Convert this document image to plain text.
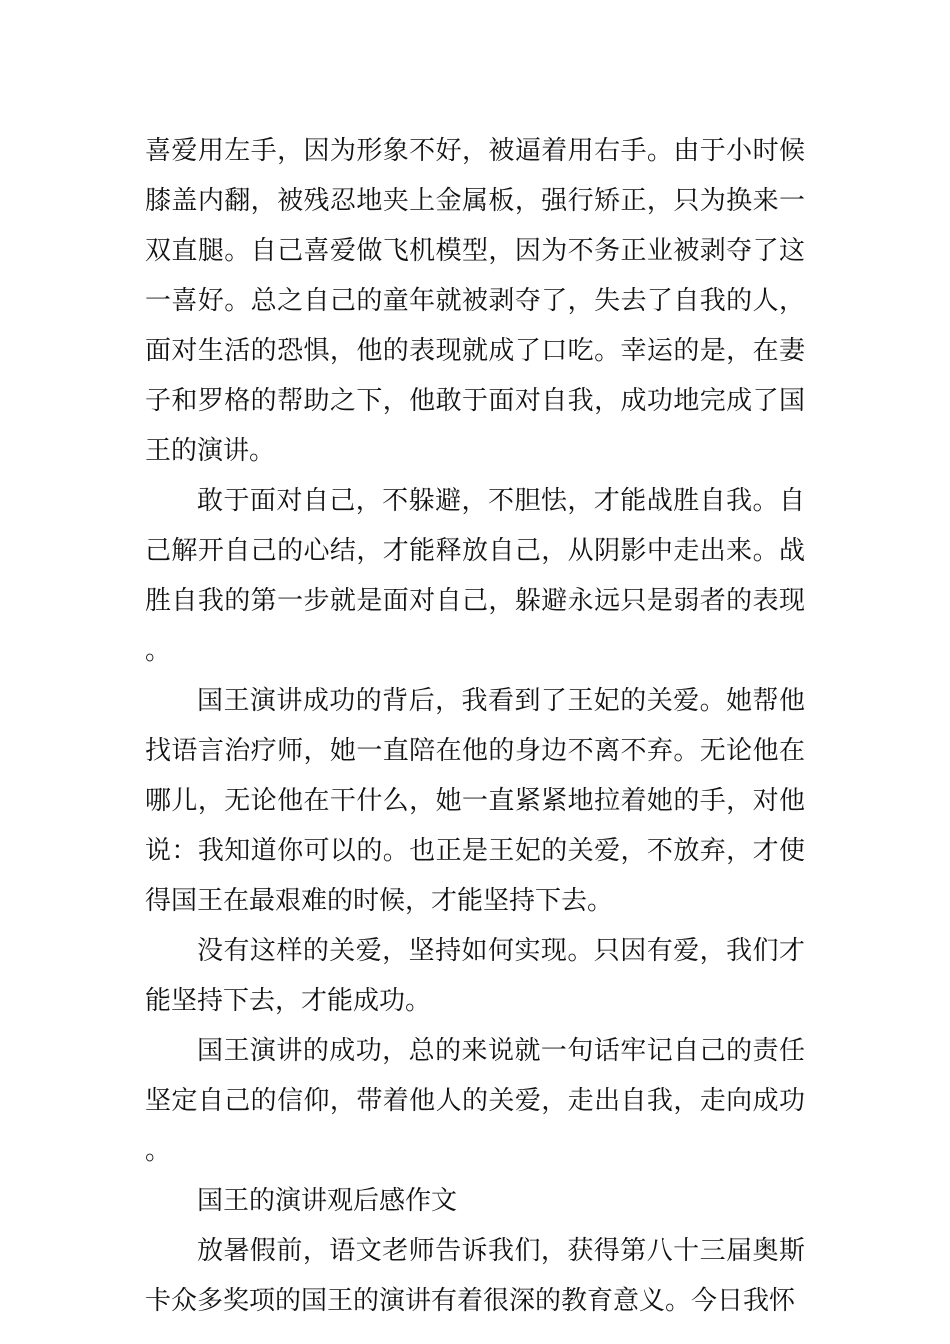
喜爱用左手，因为形象不好，被逼着用右手。由于小时候膝盖内翻，被残忍地夹上金属板，强行矫正，只为换来一双直腿。自己喜爱做飞机模型，因为不务正业被剥夺了这一喜好。总之自己的童年就被剥夺了，失去了自我的人，面对生活的恐惧，他的表现就成了口吃。幸运的是，在妻子和罗格的帮助之下，他敢于面对自我，成功地完成了国王的演讲。

敢于面对自己，不躲避，不胆怯，才能战胜自我。自己解开自己的心结，才能释放自己，从阴影中走出来。战胜自我的第一步就是面对自己，躲避永远只是弱者的表现。

国王演讲成功的背后，我看到了王妃的关爱。她帮他找语言治疗师，她一直陪在他的身边不离不弃。无论他在哪儿，无论他在干什么，她一直紧紧地拉着她的手，对他说：我知道你可以的。也正是王妃的关爱，不放弃，才使得国王在最艰难的时候，才能坚持下去。

没有这样的关爱，坚持如何实现。只因有爱，我们才能坚持下去，才能成功。

国王演讲的成功，总的来说就一句话牢记自己的责任坚定自己的信仰，带着他人的关爱，走出自我，走向成功。

国王的演讲观后感作文

放暑假前，语文老师告诉我们，获得第八十三届奥斯卡众多奖项的国王的演讲有着很深的教育意义。今日我怀
